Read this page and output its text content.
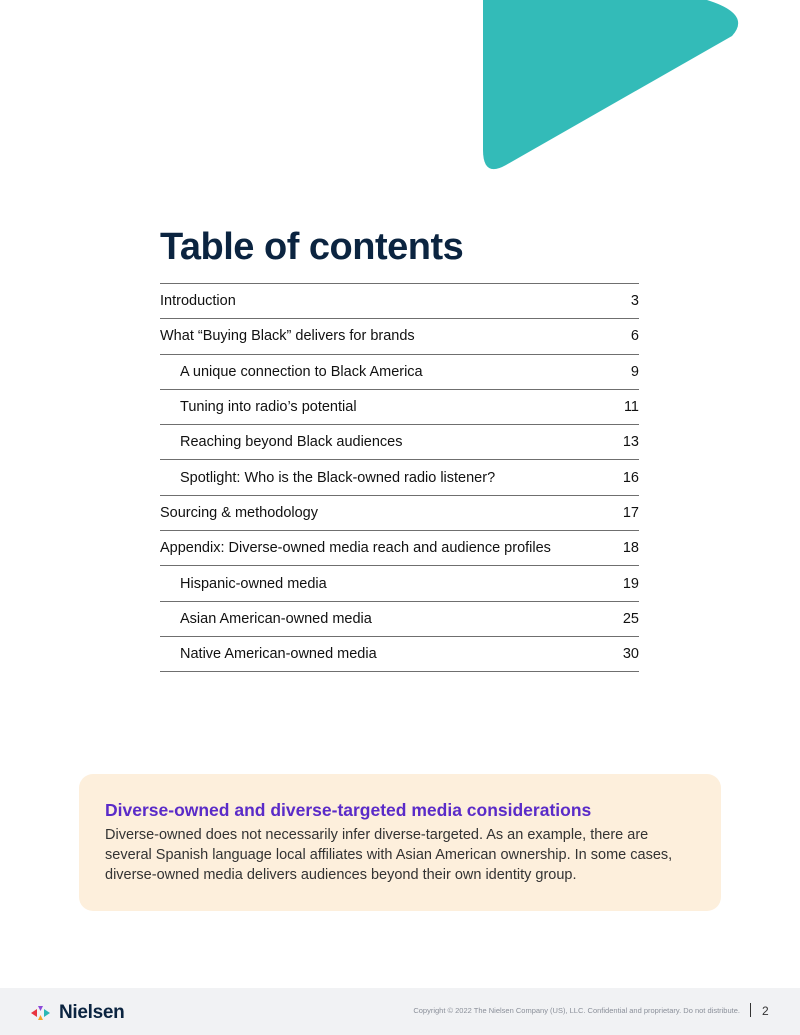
Table of contents
Introduction	3
What “Buying Black” delivers for brands	6
A unique connection to Black America	9
Tuning into radio’s potential	11
Reaching beyond Black audiences	13
Spotlight: Who is the Black-owned radio listener?	16
Sourcing & methodology	17
Appendix: Diverse-owned media reach and audience profiles	18
Hispanic-owned media	19
Asian American-owned media	25
Native American-owned media	30
Diverse-owned and diverse-targeted media considerations

Diverse-owned does not necessarily infer diverse-targeted. As an example, there are several Spanish language local affiliates with Asian American ownership. In some cases, diverse-owned media delivers audiences beyond their own identity group.

Nielsen	Copyright © 2022 The Nielsen Company (US), LLC. Confidential and proprietary. Do not distribute. 2
